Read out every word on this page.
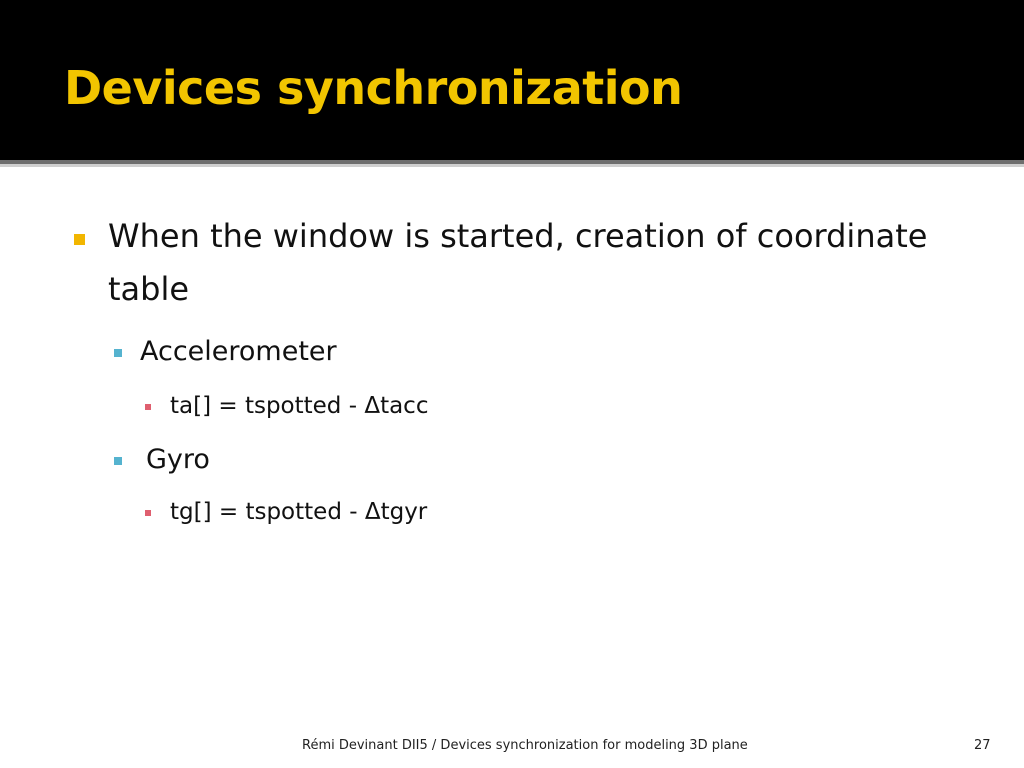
Devices synchronization
When the window is started, creation of coordinate table
Accelerometer
ta[] = tspotted - Δtacc
Gyro
tg[] = tspotted - Δtgyr
Rémi Devinant DII5 / Devices synchronization for modeling 3D plane	27
